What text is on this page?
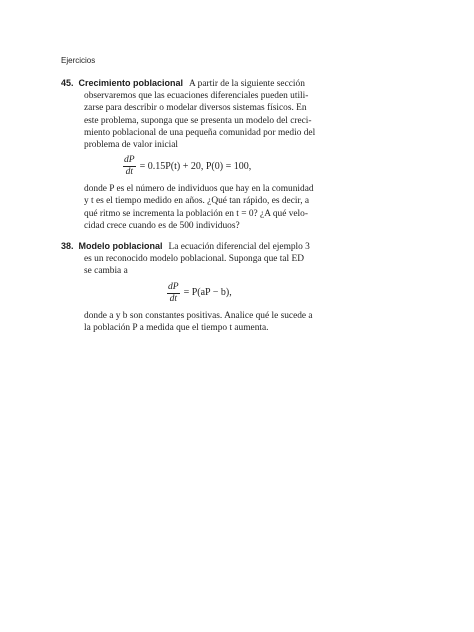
Ejercicios
45. Crecimiento poblacional A partir de la siguiente sección
observaremos que las ecuaciones diferenciales pueden utili-
zarse para describir o modelar diversos sistemas físicos. En
este problema, suponga que se presenta un modelo del creci-
miento poblacional de una pequeña comunidad por medio del
problema de valor inicial
$\frac{dP}{dt} = 0.15P(t) + 20$, P(0) = 100,
donde P es el número de individuos que hay en la comunidad
y t es el tiempo medido en años. ¿Qué tan rápido, es decir, a
qué ritmo se incrementa la población en t = 0? ¿A qué velo-
cidad crece cuando es de 500 individuos?
38. Modelo poblacional La ecuación diferencial del ejemplo 3
es un reconocido modelo poblacional. Suponga que tal ED
se cambia a
$\frac{dP}{dt} = P(aP - b)$,
donde a y b son constantes positivas. Analice qué le sucede a
la población P a medida que el tiempo t aumenta.
